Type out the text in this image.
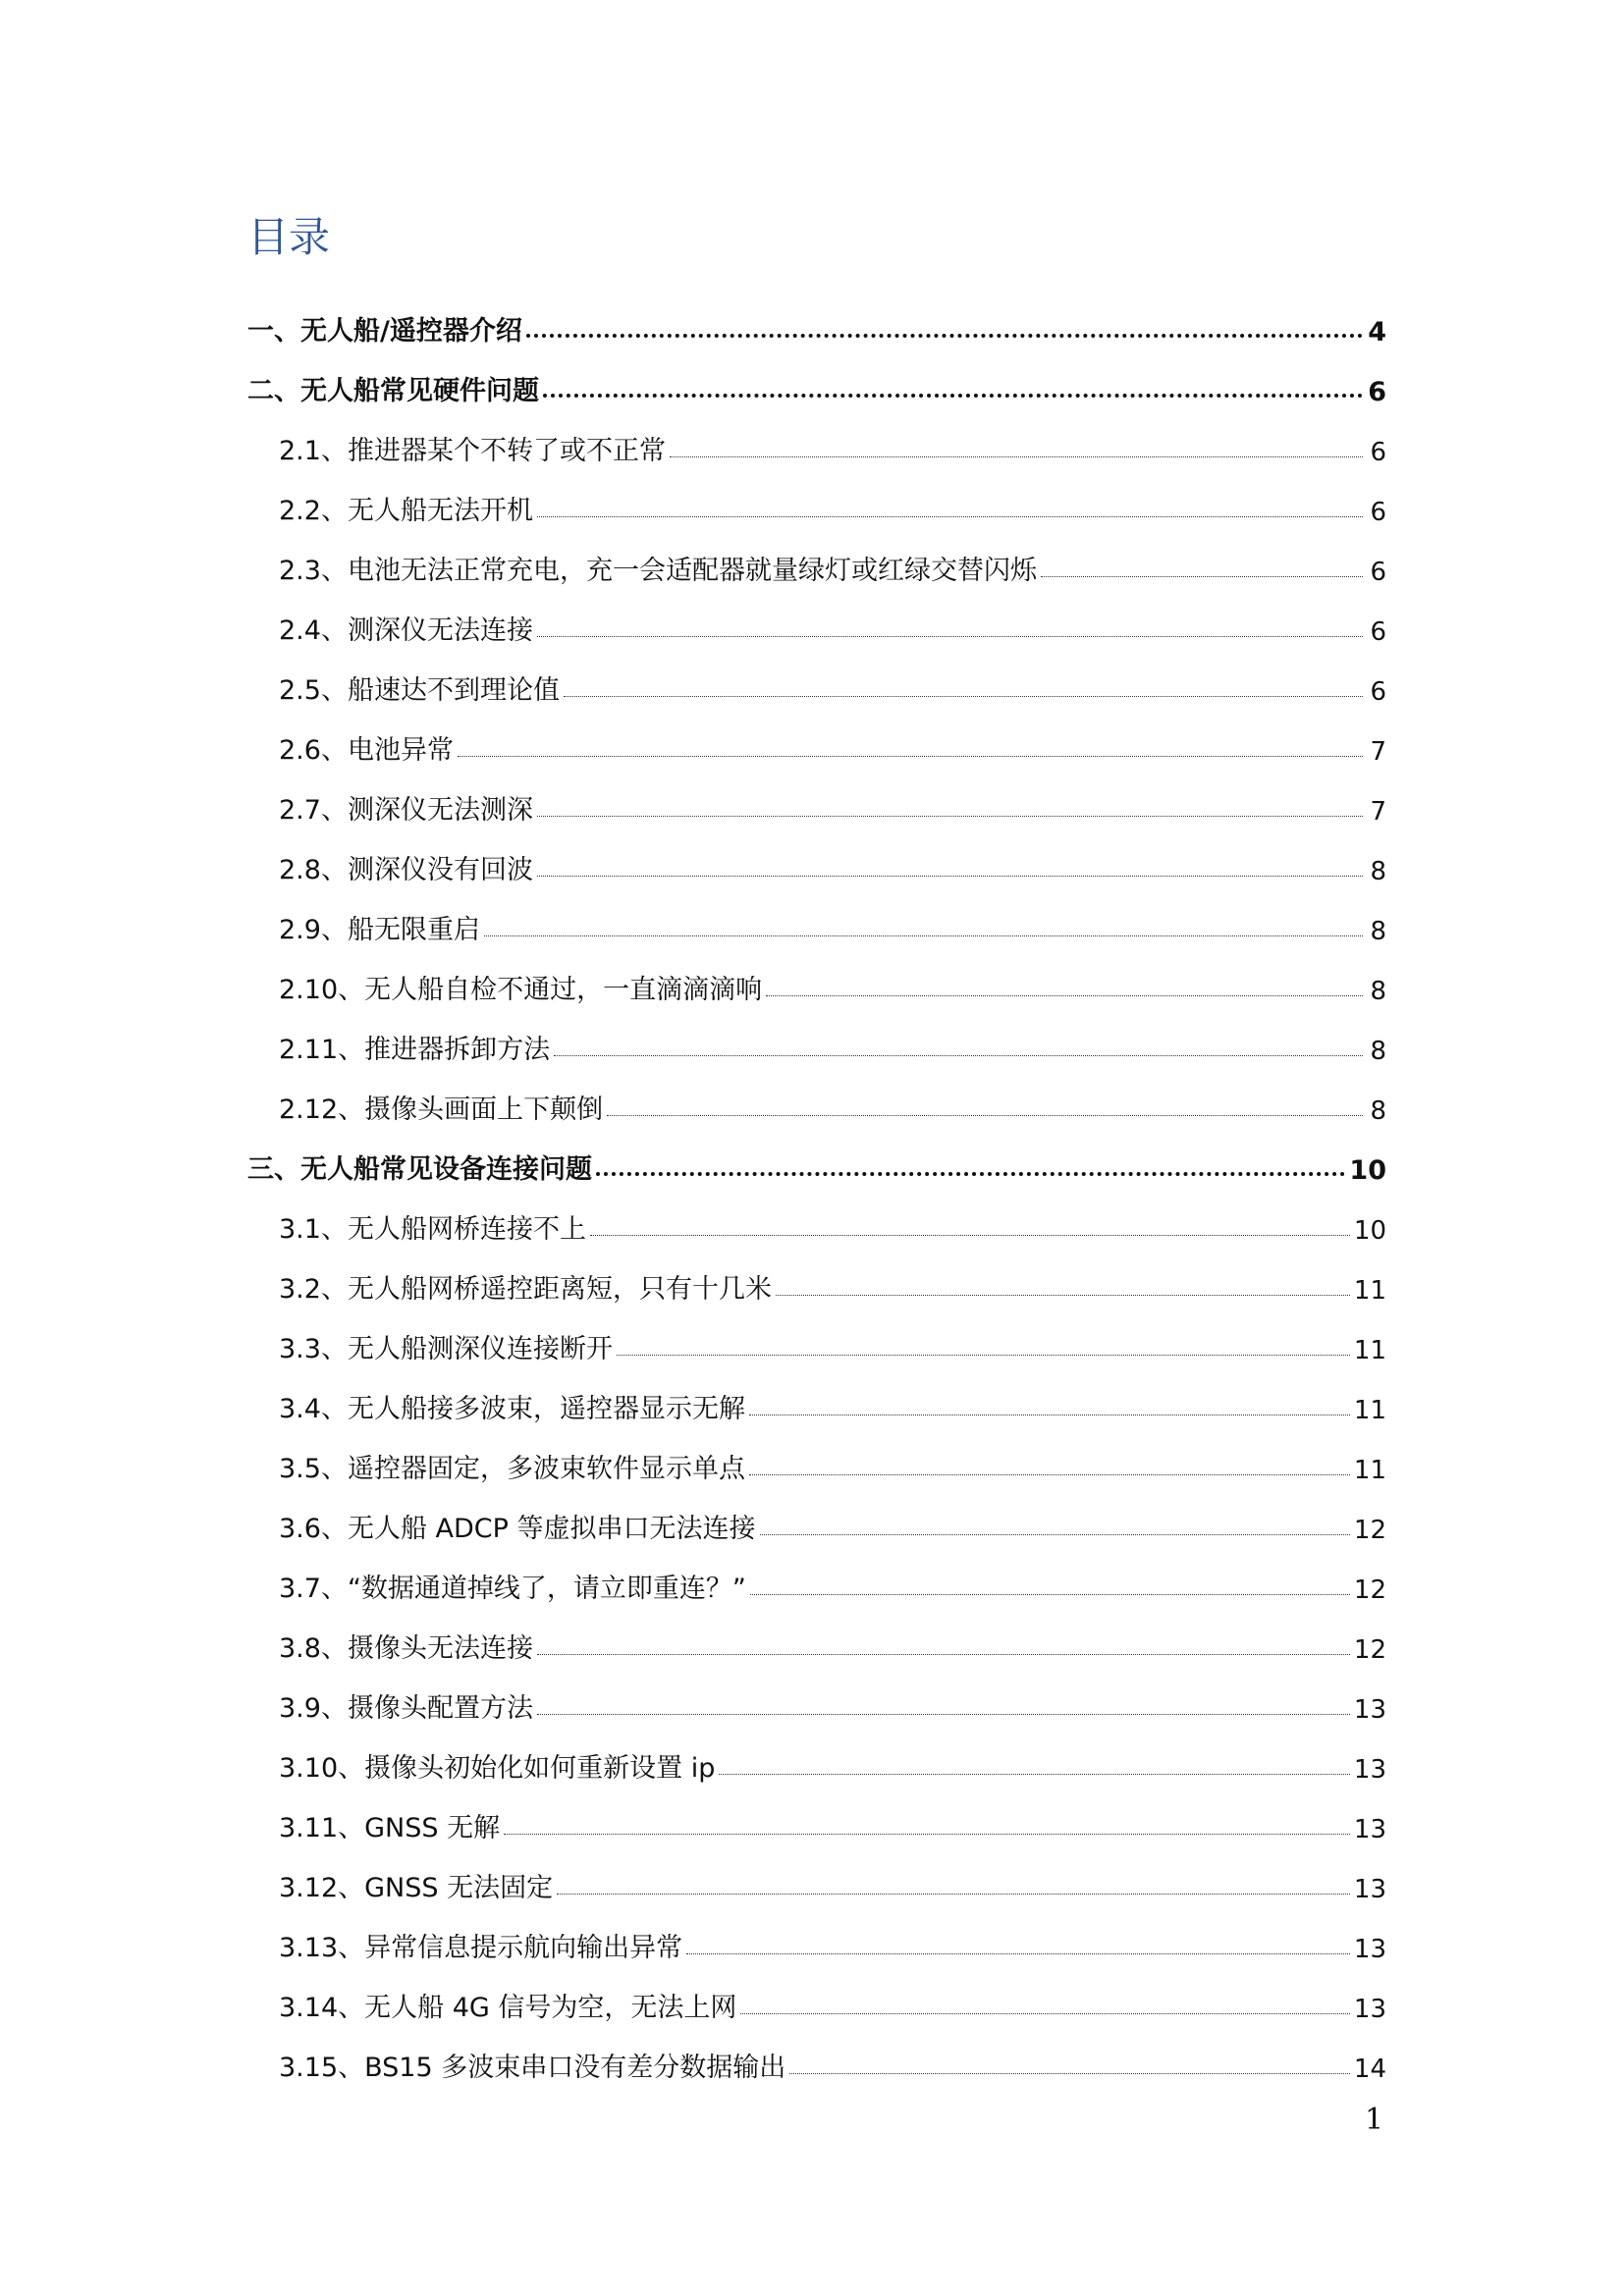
目录
一、无人船/遥控器介绍	4
二、无人船常见硬件问题	6
2.1、推进器某个不转了或不正常	6
2.2、无人船无法开机	6
2.3、电池无法正常充电，充一会适配器就量绿灯或红绿交替闪烁	6
2.4、测深仪无法连接	6
2.5、船速达不到理论值	6
2.6、电池异常	7
2.7、测深仪无法测深	7
2.8、测深仪没有回波	8
2.9、船无限重启	8
2.10、无人船自检不通过，一直滴滴滴响	8
2.11、推进器拆卸方法	8
2.12、摄像头画面上下颠倒	8
三、无人船常见设备连接问题	10
3.1、无人船网桥连接不上	10
3.2、无人船网桥遥控距离短，只有十几米	11
3.3、无人船测深仪连接断开	11
3.4、无人船接多波束，遥控器显示无解	11
3.5、遥控器固定，多波束软件显示单点	11
3.6、无人船 ADCP 等虚拟串口无法连接	12
3.7、“数据通道掉线了，请立即重连？”	12
3.8、摄像头无法连接	12
3.9、摄像头配置方法	13
3.10、摄像头初始化如何重新设置 ip	13
3.11、GNSS 无解	13
3.12、GNSS 无法固定	13
3.13、异常信息提示航向输出异常	13
3.14、无人船 4G 信号为空，无法上网	13
3.15、BS15 多波束串口没有差分数据输出	14
1
